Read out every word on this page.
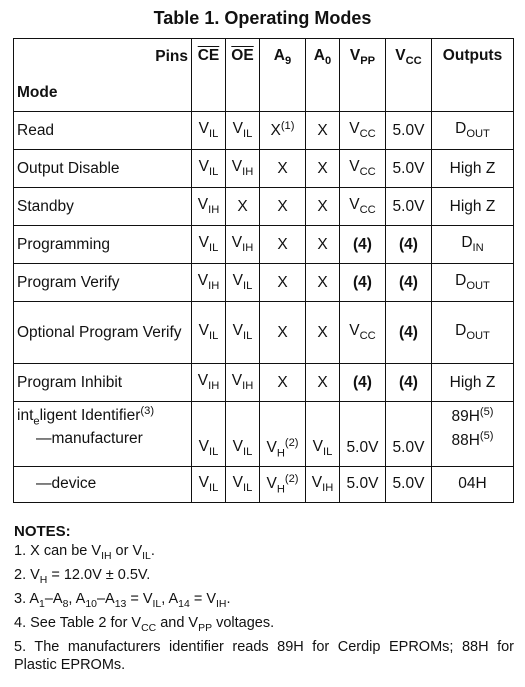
Table 1. Operating Modes
Pins	$\overline{CE}$	$\overline{OE}$	$A_9$	$A_0$	$V_{PP}$	$V_{CC}$	Outputs
Mode							
Read	$V_{IL}$	$V_{IL}$	$X^{(1)}$	X	$V_{CC}$	5.0V	$D_{OUT}$
Output Disable	$V_{IL}$	$V_{IH}$	X	X	$V_{CC}$	5.0V	High Z
Standby	$V_{IH}$	X	X	X	$V_{CC}$	5.0V	High Z
Programming	$V_{IL}$	$V_{IH}$	X	X	(4)	(4)	$D_{IN}$
Program Verify	$V_{IH}$	$V_{IL}$	X	X	(4)	(4)	$D_{OUT}$
Optional Program Verify	$V_{IL}$	$V_{IL}$	X	X	$V_{CC}$	(4)	$D_{OUT}$
Program Inhibit	$V_{IH}$	$V_{IH}$	X	X	(4)	(4)	High Z
int$_e$ligent Identifier$^{(3)}$							$89H^{(5)}$
—manufacturer	$V_{IL}$	$V_{IL}$	$V_H^{(2)}$	$V_{IL}$	5.0V	5.0V	$88H^{(5)}$
—device	$V_{IL}$	$V_{IL}$	$V_H^{(2)}$	$V_{IH}$	5.0V	5.0V	04H
NOTES:
1. X can be $V_{IH}$ or $V_{IL}$.
2. $V_H = 12.0V \pm 0.5V$.
3. $A_1-A_8$, $A_{10}-A_{13} = V_{IL}$, $A_{14} = V_{IH}$.
4. See Table 2 for $V_{CC}$ and $V_{PP}$ voltages.
5. The manufacturers identifier reads 89H for Cerdip EPROMs; 88H for Plastic EPROMs.
